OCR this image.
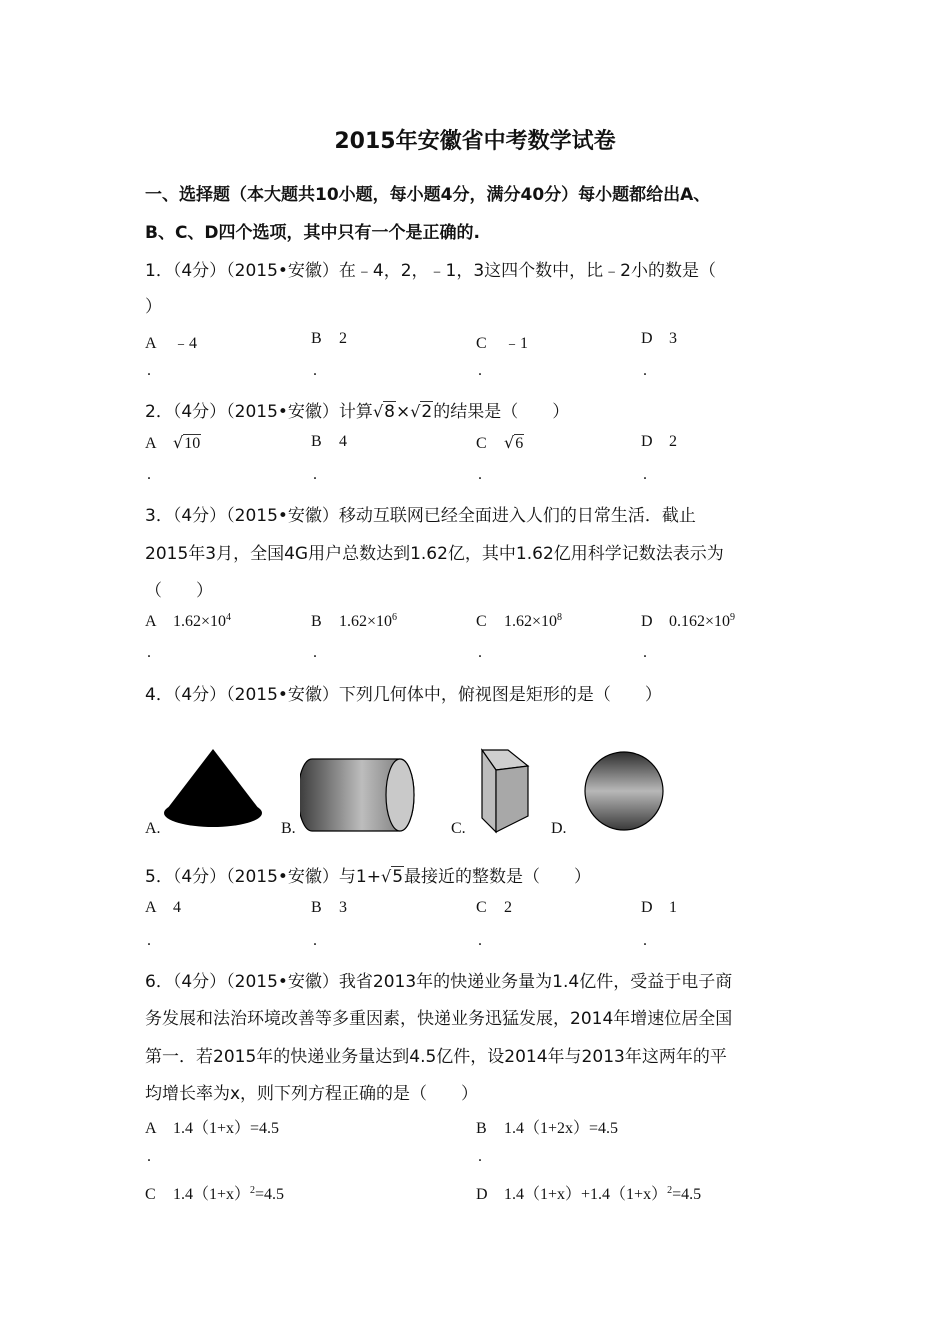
2015年安徽省中考数学试卷
一、选择题（本大题共10小题，每小题4分，满分40分）每小题都给出A、
B、C、D四个选项，其中只有一个是正确的.
1．（4分）（2015•安徽）在﹣4，2，﹣1，3这四个数中，比﹣2小的数是（
）
A ﹣4	B 2	C ﹣1	D 3
.	.	.	.
2．（4分）（2015•安徽）计算√8×√2的结果是（　　）
A √10	B 4	C √6	D 2
.	.	.	.
3．（4分）（2015•安徽）移动互联网已经全面进入人们的日常生活．截止
2015年3月，全国4G用户总数达到1.62亿，其中1.62亿用科学记数法表示为
（　　）
A $1.62\times 10^4$	B $1.62\times 10^6$	C $1.62\times 10^8$	D $0.162\times 10^9$
.	.	.	.
4．（4分）（2015•安徽）下列几何体中，俯视图是矩形的是（　　）
A.	B.	C.	D.
5．（4分）（2015•安徽）与1+√5最接近的整数是（　　）
A 4	B 3	C 2	D 1
.	.	.	.
6．（4分）（2015•安徽）我省2013年的快递业务量为1.4亿件，受益于电子商
务发展和法治环境改善等多重因素，快递业务迅猛发展，2014年增速位居全国
第一．若2015年的快递业务量达到4.5亿件，设2014年与2013年这两年的平
均增长率为x，则下列方程正确的是（　　）
A 1.4（1+x）=4.5	B 1.4（1+2x）=4.5
.	.
C $1.4(1+x)^2=4.5$	D $1.4(1+x)+1.4(1+x)^2=4.5$
